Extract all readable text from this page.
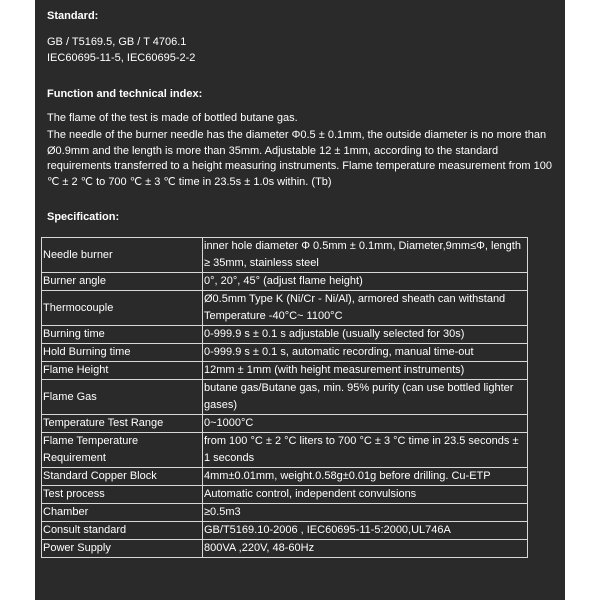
Standard:
GB / T5169.5, GB / T 4706.1
IEC60695-11-5, IEC60695-2-2
Function and technical index:
The flame of the test is made of bottled butane gas.
The needle of the burner needle has the diameter Φ0.5 ± 0.1mm, the outside diameter is no more than Ø0.9mm and the length is more than 35mm. Adjustable 12 ± 1mm, according to the standard requirements transferred to a height measuring instruments. Flame temperature measurement from 100 ℃ ± 2 ℃ to 700 ℃ ± 3 ℃ time in 23.5s ± 1.0s within. (Tb)
Specification:
Needle burner	inner hole diameter Φ 0.5mm ± 0.1mm, Diameter,9mm≤Φ, length ≥ 35mm, stainless steel
Burner angle	0°, 20°, 45° (adjust flame height)
Thermocouple	Ø0.5mm Type K (Ni/Cr - Ni/Al), armored sheath can withstand
Temperature -40°C~ 1100°C
Burning time	0-999.9 s ± 0.1 s adjustable (usually selected for 30s)
Hold Burning time	0-999.9 s ± 0.1 s, automatic recording, manual time-out
Flame Height	12mm ± 1mm (with height measurement instruments)
Flame Gas	butane gas/Butane gas, min. 95% purity (can use bottled lighter gases)
Temperature Test Range	0~1000°C
Flame Temperature Requirement	from 100 °C ± 2 °C liters to 700 °C ± 3 °C time in 23.5 seconds ± 1 seconds
Standard Copper Block	4mm±0.01mm, weight.0.58g±0.01g before drilling. Cu-ETP
Test process	Automatic control, independent convulsions
Chamber	≥0.5m3
Consult standard	GB/T5169.10-2006 , IEC60695-11-5:2000,UL746A
Power Supply	800VA ,220V, 48-60Hz
